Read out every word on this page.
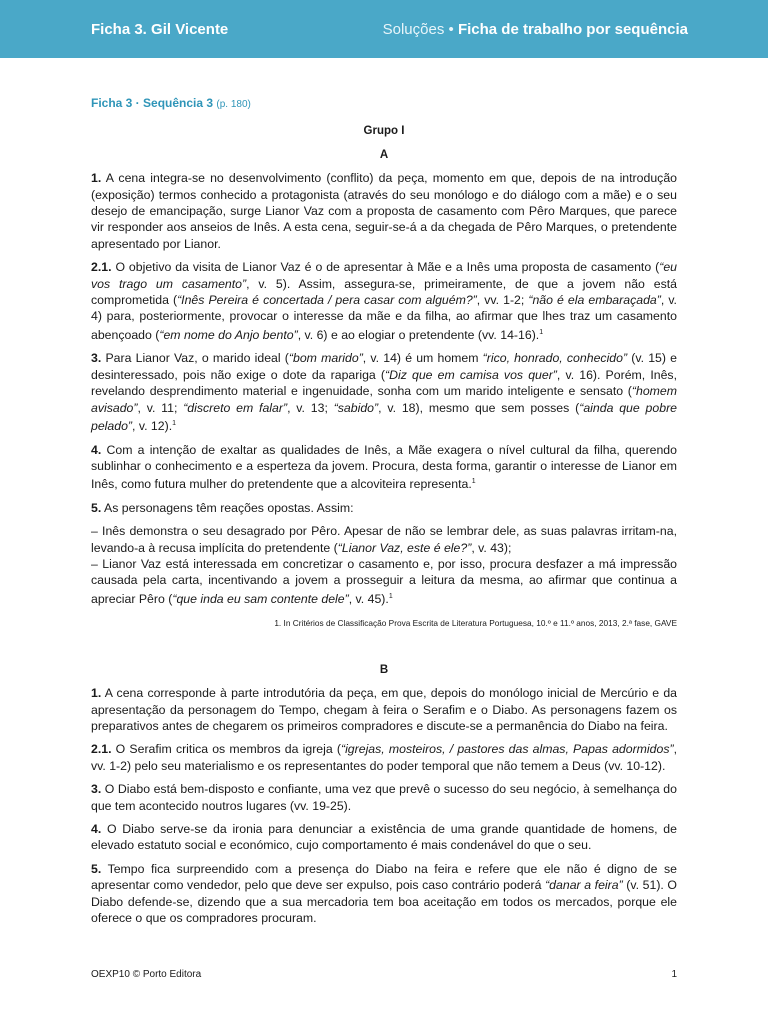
Ficha 3. Gil Vicente	Soluções • Ficha de trabalho por sequência
Ficha 3 · Sequência 3 (p. 180)
Grupo I
A

1. A cena integra-se no desenvolvimento (conflito) da peça, momento em que, depois de na introdução (exposição) termos conhecido a protagonista (através do seu monólogo e do diálogo com a mãe) e o seu desejo de emancipação, surge Lianor Vaz com a proposta de casamento com Pêro Marques, que parece vir responder aos anseios de Inês. A esta cena, seguir-se-á a da chegada de Pêro Marques, o pretendente apresentado por Lianor.

2.1. O objetivo da visita de Lianor Vaz é o de apresentar à Mãe e a Inês uma proposta de casamento (“eu vos trago um casamento”, v. 5). Assim, assegura-se, primeiramente, de que a jovem não está comprometida (“Inês Pereira é concertada / pera casar com alguém?”, vv. 1-2; “não é ela embaraçada”, v. 4) para, posteriormente, provocar o interesse da mãe e da filha, ao afirmar que lhes traz um casamento abençoado (“em nome do Anjo bento”, v. 6) e ao elogiar o pretendente (vv. 14-16).$^1$

3. Para Lianor Vaz, o marido ideal (“bom marido”, v. 14) é um homem “rico, honrado, conhecido” (v. 15) e desinteressado, pois não exige o dote da rapariga (“Diz que em camisa vos quer”, v. 16). Porém, Inês, revelando desprendimento material e ingenuidade, sonha com um marido inteligente e sensato (“homem avisado”, v. 11; “discreto em falar”, v. 13; “sabido”, v. 18), mesmo que sem posses (“ainda que pobre pelado”, v. 12).$^1$

4. Com a intenção de exaltar as qualidades de Inês, a Mãe exagera o nível cultural da filha, querendo sublinhar o conhecimento e a esperteza da jovem. Procura, desta forma, garantir o interesse de Lianor em Inês, como futura mulher do pretendente que a alcoviteira representa.$^1$

5. As personagens têm reações opostas. Assim:

– Inês demonstra o seu desagrado por Pêro. Apesar de não se lembrar dele, as suas palavras irritam-na, levando-a à recusa implícita do pretendente (“Lianor Vaz, este é ele?”, v. 43);

– Lianor Vaz está interessada em concretizar o casamento e, por isso, procura desfazer a má impressão causada pela carta, incentivando a jovem a prosseguir a leitura da mesma, ao afirmar que continua a apreciar Pêro (“que inda eu sam contente dele”, v. 45).$^1$

1. In Critérios de Classificação Prova Escrita de Literatura Portuguesa, 10.º e 11.º anos, 2013, 2.ª fase, GAVE
B

1. A cena corresponde à parte introdutória da peça, em que, depois do monólogo inicial de Mercúrio e da apresentação da personagem do Tempo, chegam à feira o Serafim e o Diabo. As personagens fazem os preparativos antes de chegarem os primeiros compradores e discute-se a permanência do Diabo na feira.

2.1. O Serafim critica os membros da igreja (“igrejas, mosteiros, / pastores das almas, Papas adormidos”, vv. 1-2) pelo seu materialismo e os representantes do poder temporal que não temem a Deus (vv. 10-12).

3. O Diabo está bem-disposto e confiante, uma vez que prevê o sucesso do seu negócio, à semelhança do que tem acontecido noutros lugares (vv. 19-25).

4. O Diabo serve-se da ironia para denunciar a existência de uma grande quantidade de homens, de elevado estatuto social e económico, cujo comportamento é mais condenável do que o seu.

5. Tempo fica surpreendido com a presença do Diabo na feira e refere que ele não é digno de se apresentar como vendedor, pelo que deve ser expulso, pois caso contrário poderá “danar a feira” (v. 51). O Diabo defende-se, dizendo que a sua mercadoria tem boa aceitação em todos os mercados, porque ele oferece o que os compradores procuram.

OEXP10 © Porto Editora	1
